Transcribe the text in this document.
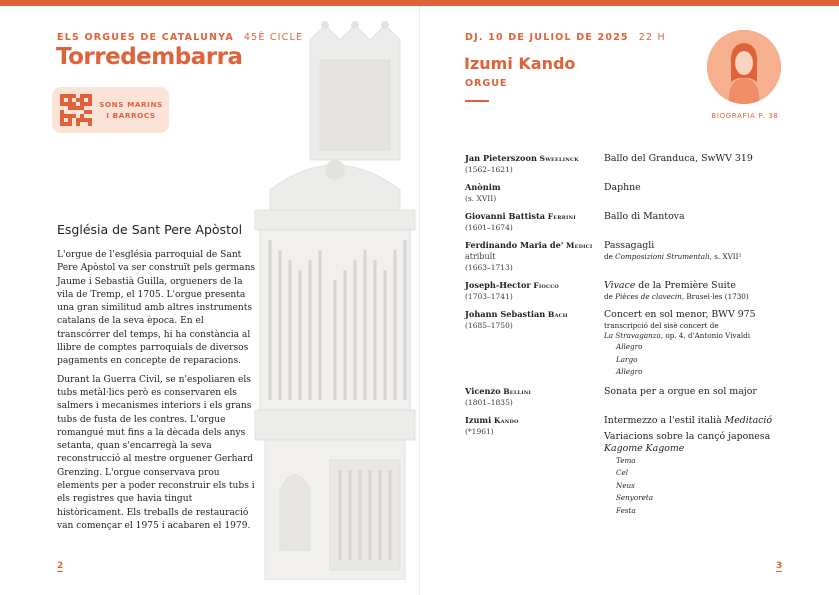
ELS ORGUES DE CATALUNYA 45È CICLE
Torredembarra
SONS MARINS
I BARROCS
Església de Sant Pere Apòstol

L'orgue de l'església parroquial de Sant Pere Apòstol va ser construït pels germans Jaume i Sebastià Guilla, orgueners de la vila de Tremp, el 1705. L'orgue presenta una gran similitud amb altres instruments catalans de la seva època. En el transcórrer del temps, hi ha constància al llibre de comptes parroquials de diversos pagaments en concepte de reparacions.

Durant la Guerra Civil, se n'espoliaren els tubs metàl·lics però es conservaren els salmers i mecanismes interiors i els grans tubs de fusta de les contres. L'orgue romangué mut fins a la dècada dels anys setanta, quan s'encarregà la seva reconstrucció al mestre orguener Gerhard Grenzing. L'orgue conservava prou elements per a poder reconstruir els tubs i els registres que havia tingut històricament. Els treballs de restauració van començar el 1975 i acabaren el 1979.

2
DJ. 10 DE JULIOL DE 2025 22 H
Izumi Kando
ORGUE
BIOGRAFIA P. 38
Jan Pieterszoon Sweelinck
(1562–1621)
Ballo del Granduca, SwWV 319
Anònim
(s. XVII)
Daphne
Giovanni Battista Ferrini
(1601–1674)
Ballo di Mantova
Ferdinando Maria de' Medici
atribuït
(1663–1713)
Passagagli
de Composizioni Strumentali, s. XVII²
Joseph-Hector Fiocco
(1703–1741)
Vivace de la Première Suite
de Pièces de clavecin, Brusel·les (1730)
Johann Sebastian Bach
(1685–1750)
Concert en sol menor, BWV 975
transcripció del sisè concert de
La Stravaganza, op. 4, d'Antonio Vivaldi
Allegro
Largo
Allegro
Vicenzo Bellini
(1801–1835)
Sonata per a orgue en sol major
Izumi Kando
(*1961)
Intermezzo a l'estil italià Meditació
Variacions sobre la cançó japonesa Kagome Kagome
Tema
Cel
Neus
Senyoreta
Festa
3
